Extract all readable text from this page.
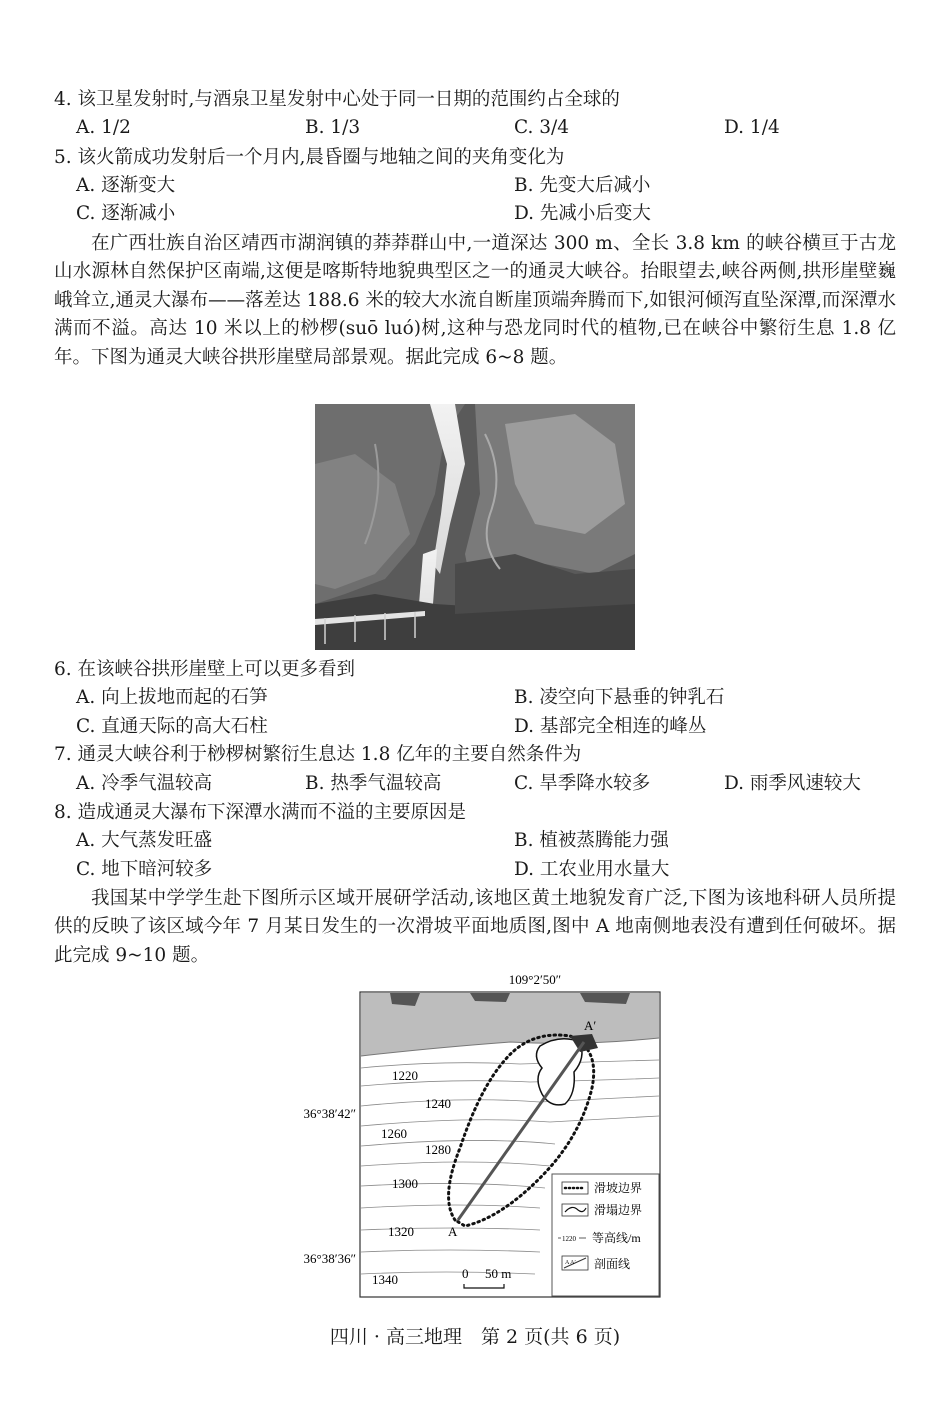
4. 该卫星发射时,与酒泉卫星发射中心处于同一日期的范围约占全球的
A. 1/2	B. 1/3	C. 3/4	D. 1/4
5. 该火箭成功发射后一个月内,晨昏圈与地轴之间的夹角变化为
A. 逐渐变大	B. 先变大后减小
C. 逐渐减小	D. 先减小后变大

在广西壮族自治区靖西市湖润镇的莽莽群山中,一道深达 300 m、全长 3.8 km 的峡谷横亘于古龙山水源林自然保护区南端,这便是喀斯特地貌典型区之一的通灵大峡谷。抬眼望去,峡谷两侧,拱形崖壁巍峨耸立,通灵大瀑布——落差达 188.6 米的较大水流自断崖顶端奔腾而下,如银河倾泻直坠深潭,而深潭水满而不溢。高达 10 米以上的桫椤(suō luó)树,这种与恐龙同时代的植物,已在峡谷中繁衍生息 1.8 亿年。下图为通灵大峡谷拱形崖壁局部景观。据此完成 6~8 题。

6. 在该峡谷拱形崖壁上可以更多看到
A. 向上拔地而起的石笋	B. 凌空向下悬垂的钟乳石
C. 直通天际的高大石柱	D. 基部完全相连的峰丛
7. 通灵大峡谷利于桫椤树繁衍生息达 1.8 亿年的主要自然条件为
A. 冷季气温较高	B. 热季气温较高	C. 旱季降水较多	D. 雨季风速较大
8. 造成通灵大瀑布下深潭水满而不溢的主要原因是
A. 大气蒸发旺盛	B. 植被蒸腾能力强
C. 地下暗河较多	D. 工农业用水量大

我国某中学学生赴下图所示区域开展研学活动,该地区黄土地貌发育广泛,下图为该地科研人员所提供的反映了该区域今年 7 月某日发生的一次滑坡平面地质图,图中 A 地南侧地表没有遭到任何破坏。据此完成 9~10 题。

109°2′50″
A
A′
1220
1240
1260
1280
1300
1320
1340
36°38′42″
36°38′36″
0 50 m
滑坡边界
滑塌边界
1220 等高线/m
A A′ 剖面线
四川 · 高三地理　第 2 页(共 6 页)
